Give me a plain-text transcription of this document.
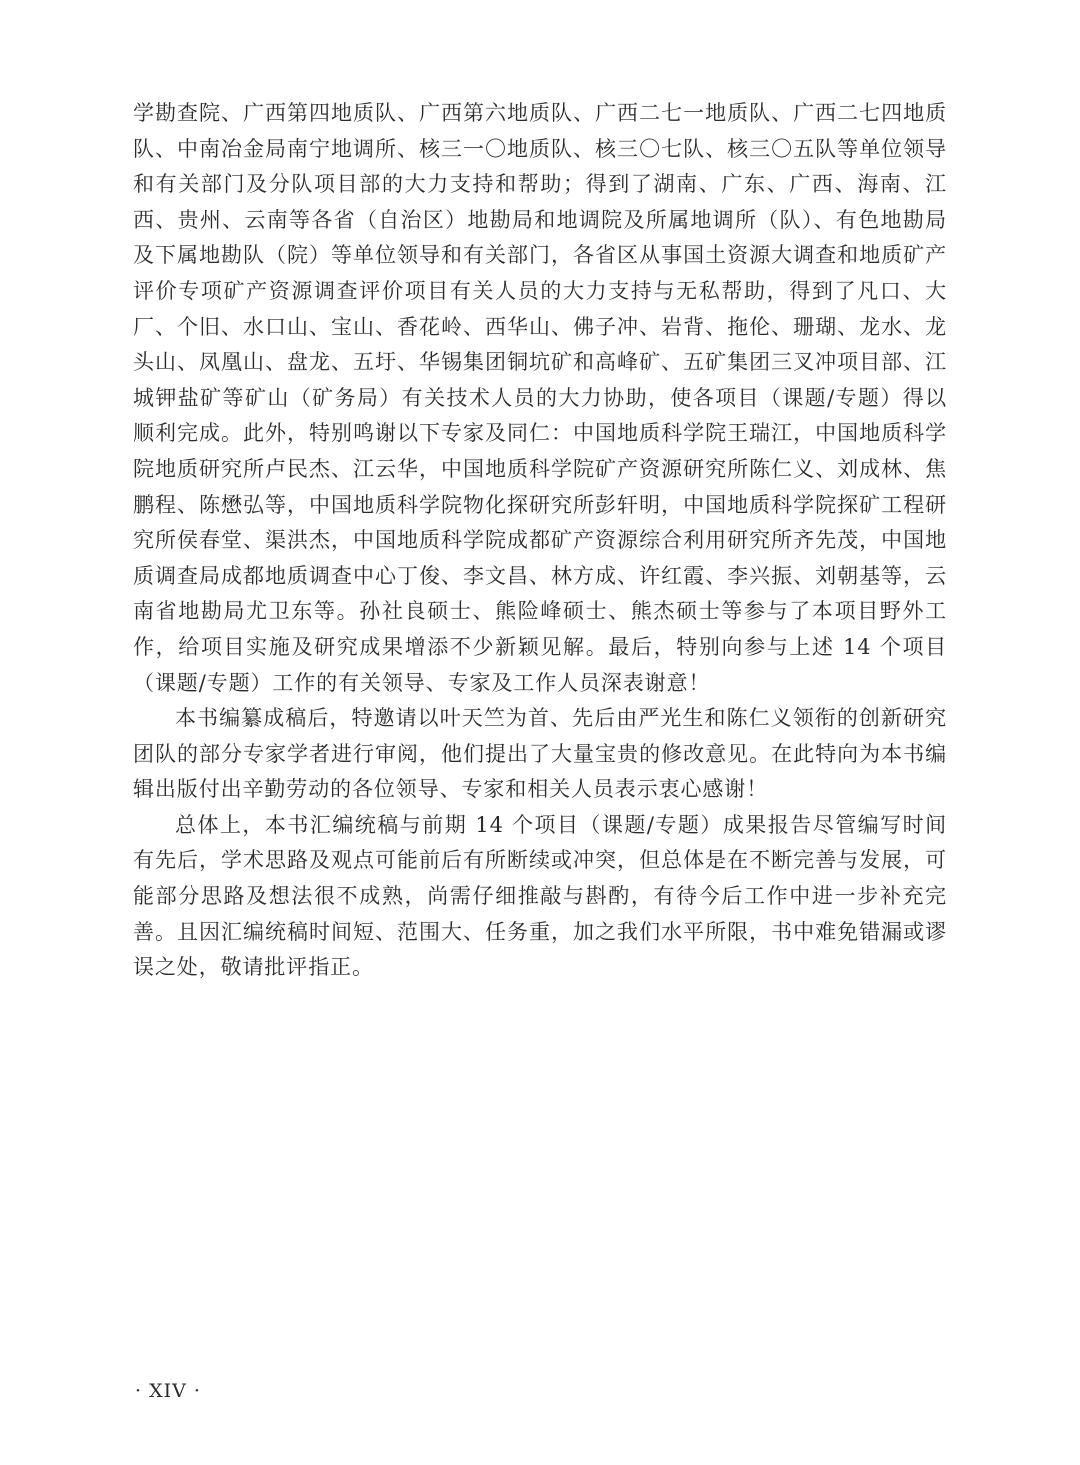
学勘查院、广西第四地质队、广西第六地质队、广西二七一地质队、广西二七四地质队、中南冶金局南宁地调所、核三一〇地质队、核三〇七队、核三〇五队等单位领导和有关部门及分队项目部的大力支持和帮助；得到了湖南、广东、广西、海南、江西、贵州、云南等各省（自治区）地勘局和地调院及所属地调所（队）、有色地勘局及下属地勘队（院）等单位领导和有关部门，各省区从事国土资源大调查和地质矿产评价专项矿产资源调查评价项目有关人员的大力支持与无私帮助，得到了凡口、大厂、个旧、水口山、宝山、香花岭、西华山、佛子冲、岩背、拖伦、珊瑚、龙水、龙头山、凤凰山、盘龙、五圩、华锡集团铜坑矿和高峰矿、五矿集团三叉冲项目部、江城钾盐矿等矿山（矿务局）有关技术人员的大力协助，使各项目（课题/专题）得以顺利完成。此外，特别鸣谢以下专家及同仁：中国地质科学院王瑞江，中国地质科学院地质研究所卢民杰、江云华，中国地质科学院矿产资源研究所陈仁义、刘成林、焦鹏程、陈懋弘等，中国地质科学院物化探研究所彭轩明，中国地质科学院探矿工程研究所侯春堂、渠洪杰，中国地质科学院成都矿产资源综合利用研究所齐先茂，中国地质调查局成都地质调查中心丁俊、李文昌、林方成、许红霞、李兴振、刘朝基等，云南省地勘局尤卫东等。孙社良硕士、熊险峰硕士、熊杰硕士等参与了本项目野外工作，给项目实施及研究成果增添不少新颖见解。最后，特别向参与上述 14 个项目（课题/专题）工作的有关领导、专家及工作人员深表谢意！

本书编纂成稿后，特邀请以叶天竺为首、先后由严光生和陈仁义领衔的创新研究团队的部分专家学者进行审阅，他们提出了大量宝贵的修改意见。在此特向为本书编辑出版付出辛勤劳动的各位领导、专家和相关人员表示衷心感谢！

总体上，本书汇编统稿与前期 14 个项目（课题/专题）成果报告尽管编写时间有先后，学术思路及观点可能前后有所断续或冲突，但总体是在不断完善与发展，可能部分思路及想法很不成熟，尚需仔细推敲与斟酌，有待今后工作中进一步补充完善。且因汇编统稿时间短、范围大、任务重，加之我们水平所限，书中难免错漏或谬误之处，敬请批评指正。

· XIV ·
